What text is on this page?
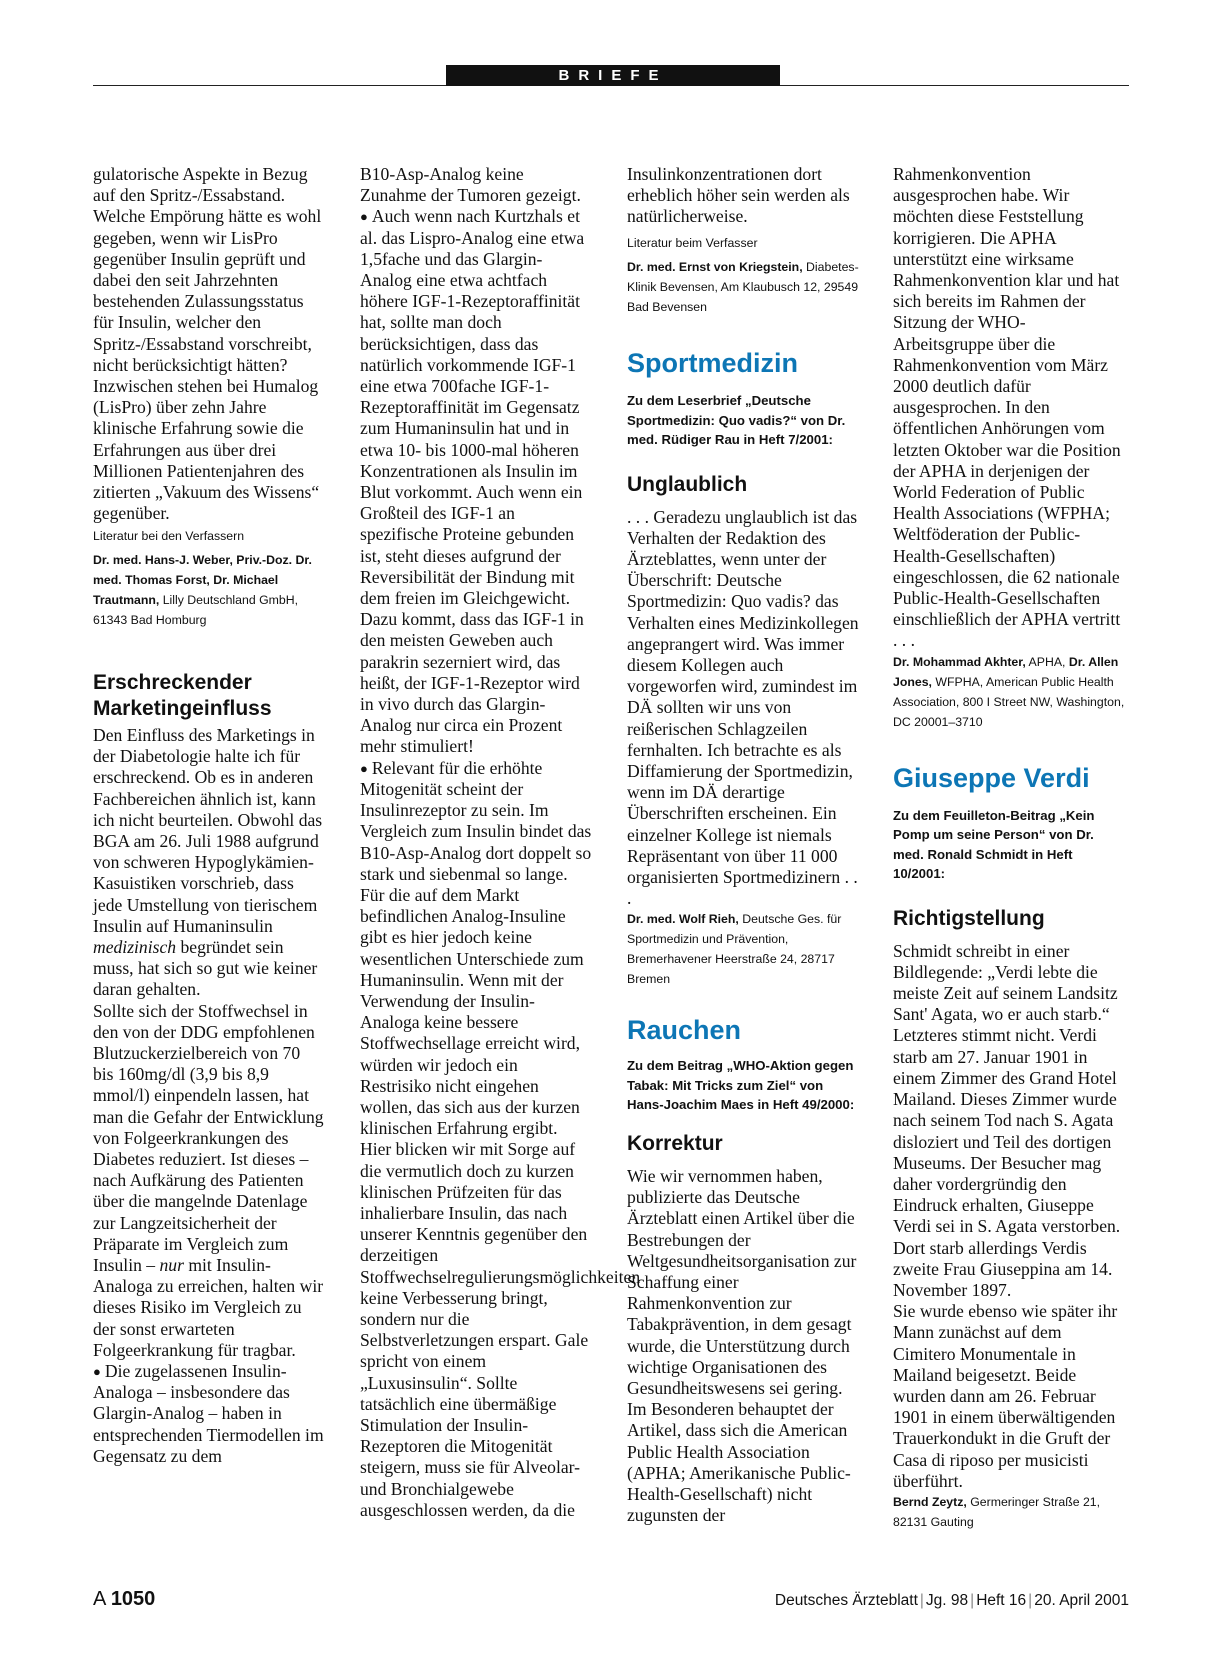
BRIEFE

gulatorische Aspekte in Bezug auf den Spritz-/Essabstand. Welche Empörung hätte es wohl gegeben, wenn wir LisPro gegenüber Insulin geprüft und dabei den seit Jahrzehnten bestehenden Zulassungsstatus für Insulin, welcher den Spritz-/Essabstand vorschreibt, nicht berücksichtigt hätten? Inzwischen stehen bei Humalog (LisPro) über zehn Jahre klinische Erfahrung sowie die Erfahrungen aus über drei Millionen Patientenjahren des zitierten „Vakuum des Wissens“ gegenüber.

Literatur bei den Verfassern

Dr. med. Hans-J. Weber, Priv.-Doz. Dr. med. Thomas Forst, Dr. Michael Trautmann, Lilly Deutschland GmbH, 61343 Bad Homburg

Erschreckender Marketingeinfluss

Den Einfluss des Marketings in der Diabetologie halte ich für erschreckend. Ob es in anderen Fachbereichen ähnlich ist, kann ich nicht beurteilen. Obwohl das BGA am 26. Juli 1988 aufgrund von schweren Hypoglykämien-Kasuistiken vorschrieb, dass jede Umstellung von tierischem Insulin auf Humaninsulin medizinisch begründet sein muss, hat sich so gut wie keiner daran gehalten.

Sollte sich der Stoffwechsel in den von der DDG empfohlenen Blutzuckerzielbereich von 70 bis 160mg/dl (3,9 bis 8,9 mmol/l) einpendeln lassen, hat man die Gefahr der Entwicklung von Folgeerkrankungen des Diabetes reduziert. Ist dieses – nach Aufkärung des Patienten über die mangelnde Datenlage zur Langzeitsicherheit der Präparate im Vergleich zum Insulin – nur mit Insulin-Analoga zu erreichen, halten wir dieses Risiko im Vergleich zu der sonst erwarteten Folgeerkrankung für tragbar.

● Die zugelassenen Insulin-Analoga – insbesondere das Glargin-Analog – haben in entsprechenden Tiermodellen im Gegensatz zu dem

B10-Asp-Analog keine Zunahme der Tumoren gezeigt.

● Auch wenn nach Kurtzhals et al. das Lispro-Analog eine etwa 1,5fache und das Glargin-Analog eine etwa achtfach höhere IGF-1-Rezeptoraffinität hat, sollte man doch berücksichtigen, dass das natürlich vorkommende IGF-1 eine etwa 700fache IGF-1-Rezeptoraffinität im Gegensatz zum Humaninsulin hat und in etwa 10- bis 1000-mal höheren Konzentrationen als Insulin im Blut vorkommt. Auch wenn ein Großteil des IGF-1 an spezifische Proteine gebunden ist, steht dieses aufgrund der Reversibilität der Bindung mit dem freien im Gleichgewicht. Dazu kommt, dass das IGF-1 in den meisten Geweben auch parakrin sezerniert wird, das heißt, der IGF-1-Rezeptor wird in vivo durch das Glargin-Analog nur circa ein Prozent mehr stimuliert!

● Relevant für die erhöhte Mitogenität scheint der Insulinrezeptor zu sein. Im Vergleich zum Insulin bindet das B10-Asp-Analog dort doppelt so stark und siebenmal so lange. Für die auf dem Markt befindlichen Analog-Insuline gibt es hier jedoch keine wesentlichen Unterschiede zum Humaninsulin. Wenn mit der Verwendung der Insulin-Analoga keine bessere Stoffwechsellage erreicht wird, würden wir jedoch ein Restrisiko nicht eingehen wollen, das sich aus der kurzen klinischen Erfahrung ergibt.

Hier blicken wir mit Sorge auf die vermutlich doch zu kurzen klinischen Prüfzeiten für das inhalierbare Insulin, das nach unserer Kenntnis gegenüber den derzeitigen Stoffwechselregulierungsmöglichkeiten keine Verbesserung bringt, sondern nur die Selbstverletzungen erspart. Gale spricht von einem „Luxusinsulin“. Sollte tatsächlich eine übermäßige Stimulation der Insulin-Rezeptoren die Mitogenität steigern, muss sie für Alveolar- und Bronchialgewebe ausgeschlossen werden, da die

Insulinkonzentrationen dort erheblich höher sein werden als natürlicherweise.

Literatur beim Verfasser

Dr. med. Ernst von Kriegstein, Diabetes-Klinik Bevensen, Am Klaubusch 12, 29549 Bad Bevensen

Sportmedizin

Zu dem Leserbrief „Deutsche Sportmedizin: Quo vadis?“ von Dr. med. Rüdiger Rau in Heft 7/2001:

Unglaublich

. . . Geradezu unglaublich ist das Verhalten der Redaktion des Ärzteblattes, wenn unter der Überschrift: Deutsche Sportmedizin: Quo vadis? das Verhalten eines Medizinkollegen angeprangert wird. Was immer diesem Kollegen auch vorgeworfen wird, zumindest im DÄ sollten wir uns von reißerischen Schlagzeilen fernhalten. Ich betrachte es als Diffamierung der Sportmedizin, wenn im DÄ derartige Überschriften erscheinen. Ein einzelner Kollege ist niemals Repräsentant von über 11 000 organisierten Sportmedizinern . . .

Dr. med. Wolf Rieh, Deutsche Ges. für Sportmedizin und Prävention, Bremerhavener Heerstraße 24, 28717 Bremen

Rauchen

Zu dem Beitrag „WHO-Aktion gegen Tabak: Mit Tricks zum Ziel“ von Hans-Joachim Maes in Heft 49/2000:

Korrektur

Wie wir vernommen haben, publizierte das Deutsche Ärzteblatt einen Artikel über die Bestrebungen der Weltgesundheitsorganisation zur Schaffung einer Rahmenkonvention zur Tabakprävention, in dem gesagt wurde, die Unterstützung durch wichtige Organisationen des Gesundheitswesens sei gering. Im Besonderen behauptet der Artikel, dass sich die American Public Health Association (APHA; Amerikanische Public-Health-Gesellschaft) nicht zugunsten der

Rahmenkonvention ausgesprochen habe. Wir möchten diese Feststellung korrigieren. Die APHA unterstützt eine wirksame Rahmenkonvention klar und hat sich bereits im Rahmen der Sitzung der WHO-Arbeitsgruppe über die Rahmenkonvention vom März 2000 deutlich dafür ausgesprochen. In den öffentlichen Anhörungen vom letzten Oktober war die Position der APHA in derjenigen der World Federation of Public Health Associations (WFPHA; Weltföderation der Public-Health-Gesellschaften) eingeschlossen, die 62 nationale Public-Health-Gesellschaften einschließlich der APHA vertritt . . .

Dr. Mohammad Akhter, APHA, Dr. Allen Jones, WFPHA, American Public Health Association, 800 I Street NW, Washington, DC 20001–3710

Giuseppe Verdi

Zu dem Feuilleton-Beitrag „Kein Pomp um seine Person“ von Dr. med. Ronald Schmidt in Heft 10/2001:

Richtigstellung

Schmidt schreibt in einer Bildlegende: „Verdi lebte die meiste Zeit auf seinem Landsitz Sant' Agata, wo er auch starb.“ Letzteres stimmt nicht. Verdi starb am 27. Januar 1901 in einem Zimmer des Grand Hotel Mailand. Dieses Zimmer wurde nach seinem Tod nach S. Agata disloziert und Teil des dortigen Museums. Der Besucher mag daher vordergründig den Eindruck erhalten, Giuseppe Verdi sei in S. Agata verstorben. Dort starb allerdings Verdis zweite Frau Giuseppina am 14. November 1897.

Sie wurde ebenso wie später ihr Mann zunächst auf dem Cimitero Monumentale in Mailand beigesetzt. Beide wurden dann am 26. Februar 1901 in einem überwältigenden Trauerkondukt in die Gruft der Casa di riposo per musicisti überführt.

Bernd Zeytz, Germeringer Straße 21, 82131 Gauting

A 1050	Deutsches Ärzteblatt | Jg. 98 | Heft 16 | 20. April 2001
